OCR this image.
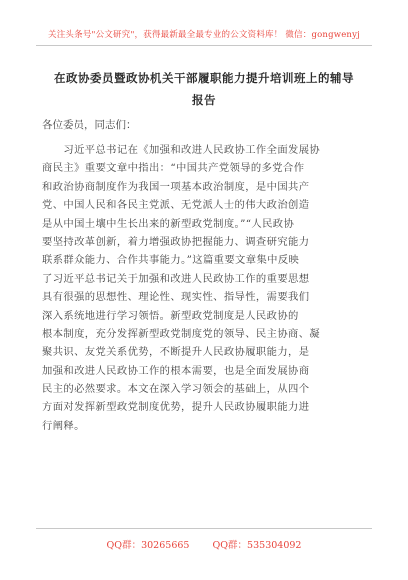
关注头条号"公文研究"，获得最新最全最专业的公文资料库！ 微信：gongwenyj
在政协委员暨政协机关干部履职能力提升培训班上的辅导
报告
各位委员，同志们：
　　习近平总书记在《加强和改进人民政协工作全面发展协
商民主》重要文章中指出：“中国共产党领导的多党合作
和政治协商制度作为我国一项基本政治制度，是中国共产
党、中国人民和各民主党派、无党派人士的伟大政治创造
是从中国土壤中生长出来的新型政党制度。”“人民政协
要坚持改革创新，着力增强政协把握能力、调查研究能力
联系群众能力、合作共事能力。”这篇重要文章集中反映
了习近平总书记关于加强和改进人民政协工作的重要思想
具有很强的思想性、理论性、现实性、指导性，需要我们
深入系统地进行学习领悟。新型政党制度是人民政协的
根本制度，充分发挥新型政党制度党的领导、民主协商、凝
聚共识、友党关系优势，不断提升人民政协履职能力，是
加强和改进人民政协工作的根本需要，也是全面发展协商
民主的必然要求。本文在深入学习领会的基础上，从四个
方面对发挥新型政党制度优势，提升人民政协履职能力进
行阐释。
QQ群：30265665 QQ群：535304092
